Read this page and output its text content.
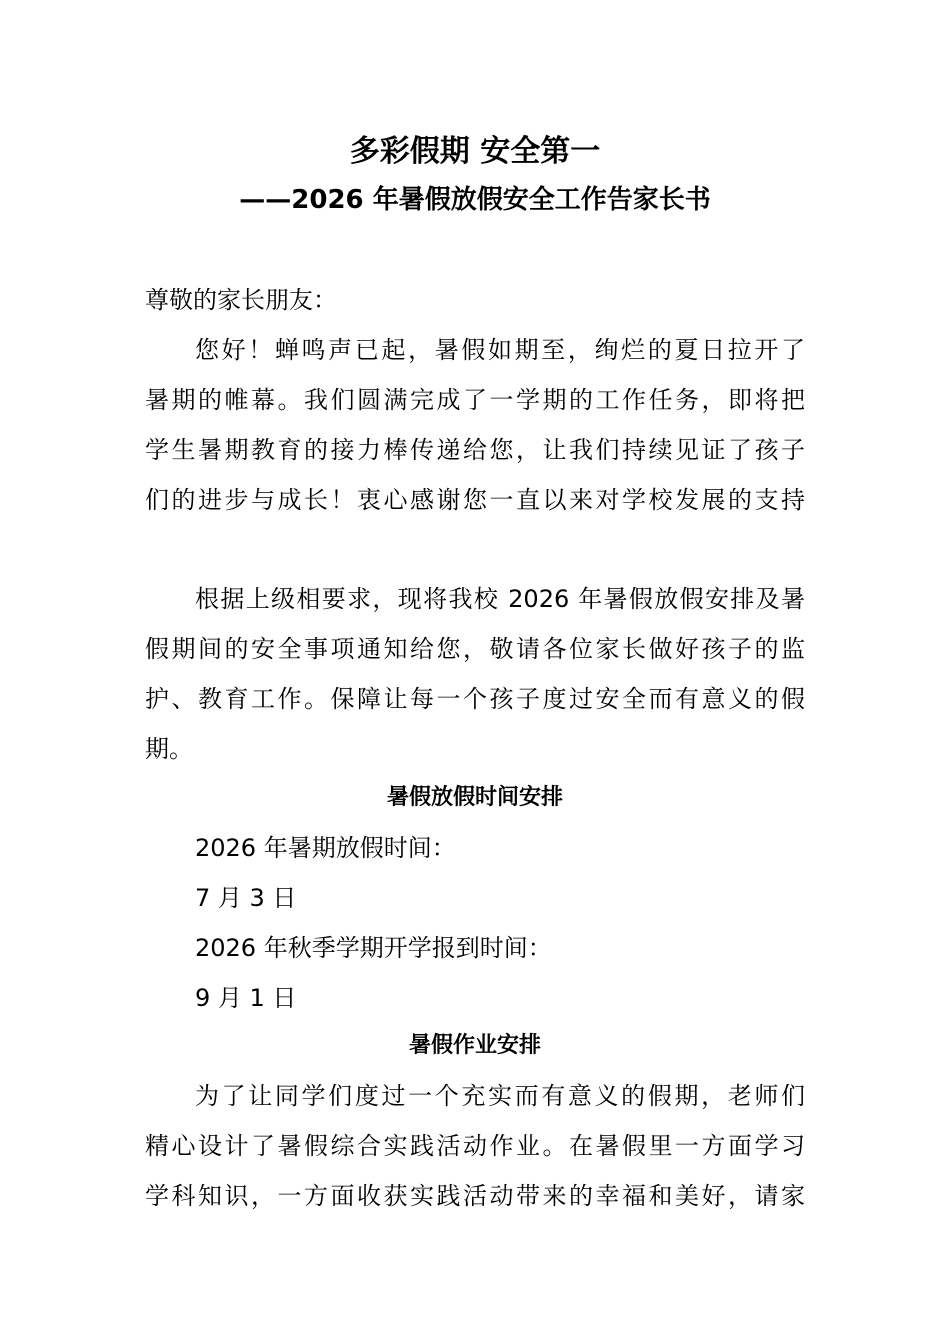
多彩假期 安全第一
——2026 年暑假放假安全工作告家长书
尊敬的家长朋友：
您好！蝉鸣声已起，暑假如期至，绚烂的夏日拉开了
暑期的帷幕。我们圆满完成了一学期的工作任务，即将把
学生暑期教育的接力棒传递给您，让我们持续见证了孩子
们的进步与成长！衷心感谢您一直以来对学校发展的支持
根据上级相要求，现将我校 2026 年暑假放假安排及暑
假期间的安全事项通知给您，敬请各位家长做好孩子的监
护、教育工作。保障让每一个孩子度过安全而有意义的假
期。
暑假放假时间安排
2026 年暑期放假时间：
7 月 3 日
2026 年秋季学期开学报到时间：
9 月 1 日
暑假作业安排
为了让同学们度过一个充实而有意义的假期，老师们
精心设计了暑假综合实践活动作业。在暑假里一方面学习
学科知识，一方面收获实践活动带来的幸福和美好，请家
